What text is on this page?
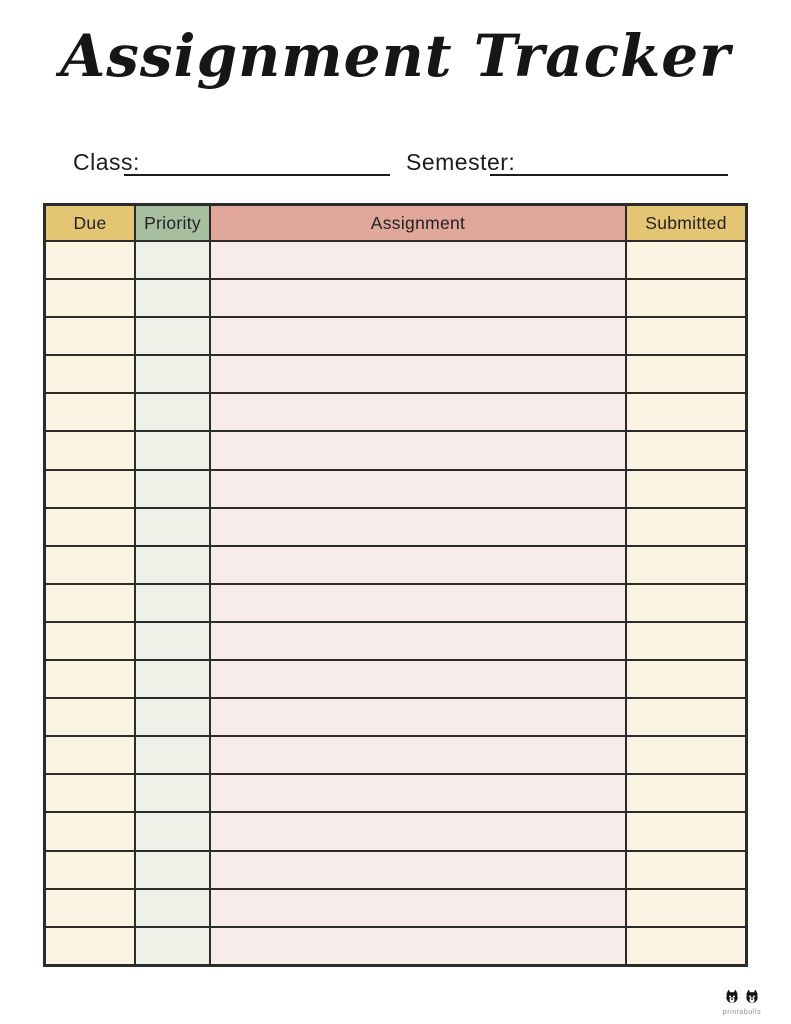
Assignment Tracker
Class:	Semester:
Due	Priority	Assignment	Submitted

printabulls
